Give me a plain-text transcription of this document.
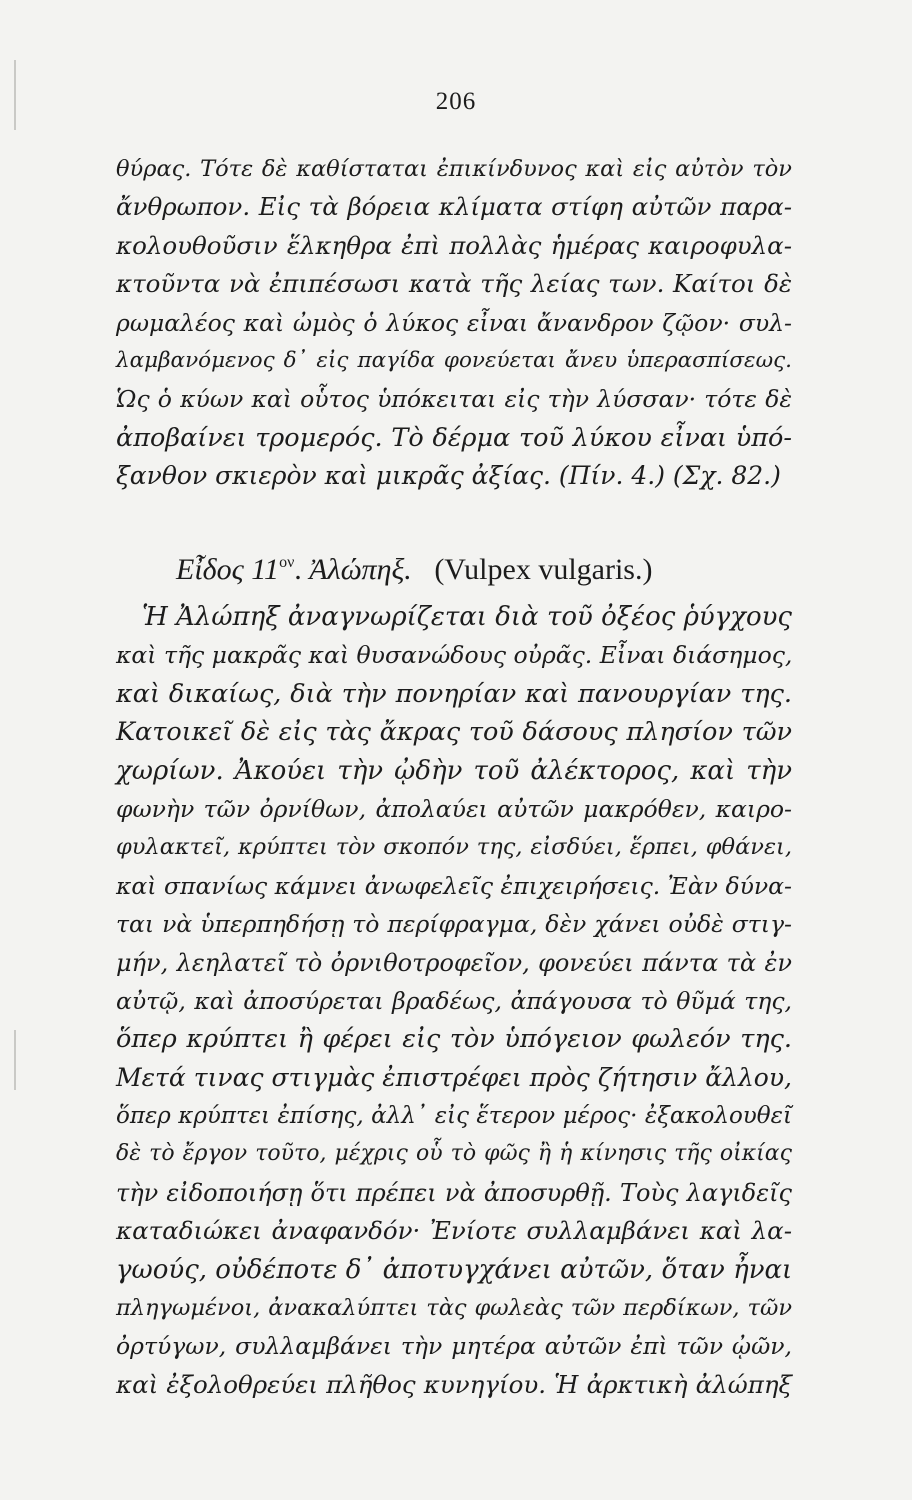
206
θύρας. Τότε δὲ καθίσταται ἐπικίνδυνος καὶ εἰς αὐτὸν τὸν
ἄνθρωπον. Εἰς τὰ βόρεια κλίματα στίφη αὐτῶν παρα-
κολουθοῦσιν ἕλκηθρα ἐπὶ πολλὰς ἡμέρας καιροφυλα-
κτοῦντα νὰ ἐπιπέσωσι κατὰ τῆς λείας των. Καίτοι δὲ
ρωμαλέος καὶ ὠμὸς ὁ λύκος εἶναι ἄνανδρον ζῷον· συλ-
λαμβανόμενος δ᾽ εἰς παγίδα φονεύεται ἄνευ ὑπερασπίσεως.
Ὡς ὁ κύων καὶ οὗτος ὑπόκειται εἰς τὴν λύσσαν· τότε δὲ
ἀποβαίνει τρομερός. Τὸ δέρμα τοῦ λύκου εἶναι ὑπό-
ξανθον σκιερὸν καὶ μικρᾶς ἀξίας. (Πίν. 4.) (Σχ. 82.)
Εἶδος $11^{o\nu}$. Ἀλώπηξ. (Vulpex vulgaris.)
Ἡ Ἀλώπηξ ἀναγνωρίζεται διὰ τοῦ ὀξέος ῥύγχους
καὶ τῆς μακρᾶς καὶ θυσανώδους οὐρᾶς. Εἶναι διάσημος,
καὶ δικαίως, διὰ τὴν πονηρίαν καὶ πανουργίαν της.
Κατοικεῖ δὲ εἰς τὰς ἄκρας τοῦ δάσους πλησίον τῶν
χωρίων. Ἀκούει τὴν ᾠδὴν τοῦ ἀλέκτορος, καὶ τὴν
φωνὴν τῶν ὀρνίθων, ἀπολαύει αὐτῶν μακρόθεν, καιρο-
φυλακτεῖ, κρύπτει τὸν σκοπόν της, εἰσδύει, ἕρπει, φθάνει,
καὶ σπανίως κάμνει ἀνωφελεῖς ἐπιχειρήσεις. Ἐὰν δύνα-
ται νὰ ὑπερπηδήσῃ τὸ περίφραγμα, δὲν χάνει οὐδὲ στιγ-
μήν, λεηλατεῖ τὸ ὀρνιθοτροφεῖον, φονεύει πάντα τὰ ἐν
αὐτῷ, καὶ ἀποσύρεται βραδέως, ἀπάγουσα τὸ θῦμά της,
ὅπερ κρύπτει ἢ φέρει εἰς τὸν ὑπόγειον φωλεόν της.
Μετά τινας στιγμὰς ἐπιστρέφει πρὸς ζήτησιν ἄλλου,
ὅπερ κρύπτει ἐπίσης, ἀλλ᾽ εἰς ἕτερον μέρος· ἐξακολουθεῖ
δὲ τὸ ἔργον τοῦτο, μέχρις οὗ τὸ φῶς ἢ ἡ κίνησις τῆς οἰκίας
τὴν εἰδοποιήσῃ ὅτι πρέπει νὰ ἀποσυρθῇ. Τοὺς λαγιδεῖς
καταδιώκει ἀναφανδόν· Ἐνίοτε συλλαμβάνει καὶ λα-
γωούς, οὐδέποτε δ᾽ ἀποτυγχάνει αὐτῶν, ὅταν ἦναι
πληγωμένοι, ἀνακαλύπτει τὰς φωλεὰς τῶν περδίκων, τῶν
ὀρτύγων, συλλαμβάνει τὴν μητέρα αὐτῶν ἐπὶ τῶν ᾠῶν,
καὶ ἐξολοθρεύει πλῆθος κυνηγίου. Ἡ ἀρκτικὴ ἀλώπηξ
